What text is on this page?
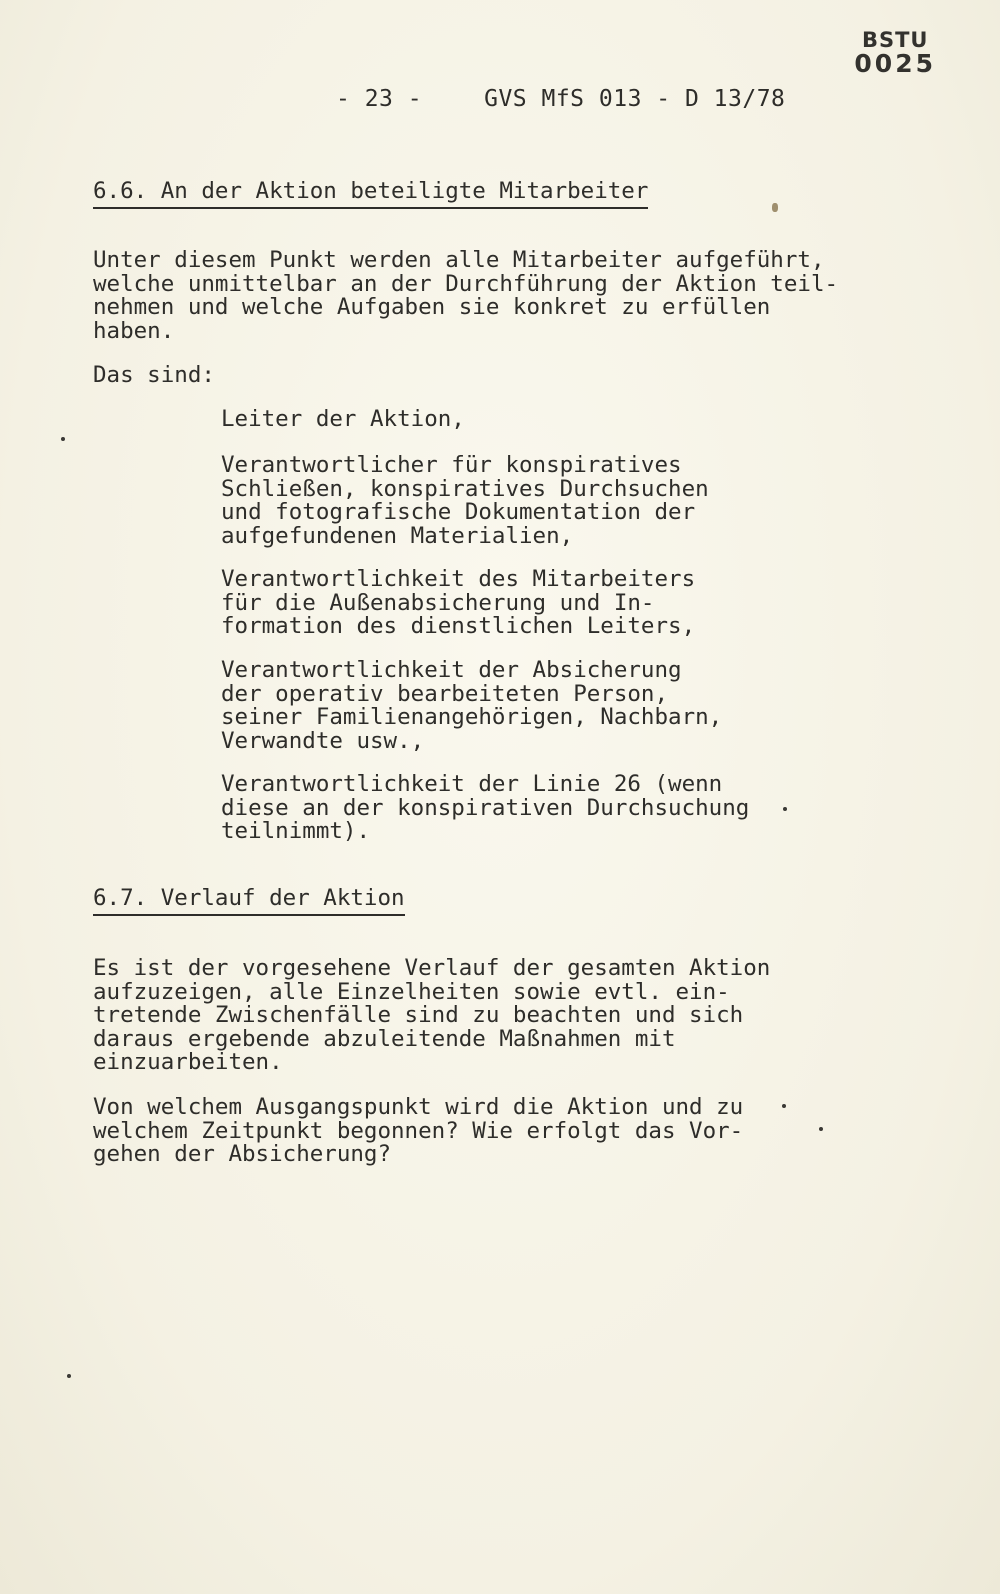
BSTU
0025
- 23 -	GVS MfS 013 - D 13/78
6.6. An der Aktion beteiligte Mitarbeiter
Unter diesem Punkt werden alle Mitarbeiter aufgeführt,
welche unmittelbar an der Durchführung der Aktion teil-
nehmen und welche Aufgaben sie konkret zu erfüllen
haben.
Das sind:
Leiter der Aktion,
Verantwortlicher für konspiratives
Schließen, konspiratives Durchsuchen
und fotografische Dokumentation der
aufgefundenen Materialien,
Verantwortlichkeit des Mitarbeiters
für die Außenabsicherung und In-
formation des dienstlichen Leiters,
Verantwortlichkeit der Absicherung
der operativ bearbeiteten Person,
seiner Familienangehörigen, Nachbarn,
Verwandte usw.,
Verantwortlichkeit der Linie 26 (wenn
diese an der konspirativen Durchsuchung
teilnimmt).
6.7. Verlauf der Aktion
Es ist der vorgesehene Verlauf der gesamten Aktion
aufzuzeigen, alle Einzelheiten sowie evtl. ein-
tretende Zwischenfälle sind zu beachten und sich
daraus ergebende abzuleitende Maßnahmen mit
einzuarbeiten.
Von welchem Ausgangspunkt wird die Aktion und zu
welchem Zeitpunkt begonnen? Wie erfolgt das Vor-
gehen der Absicherung?
